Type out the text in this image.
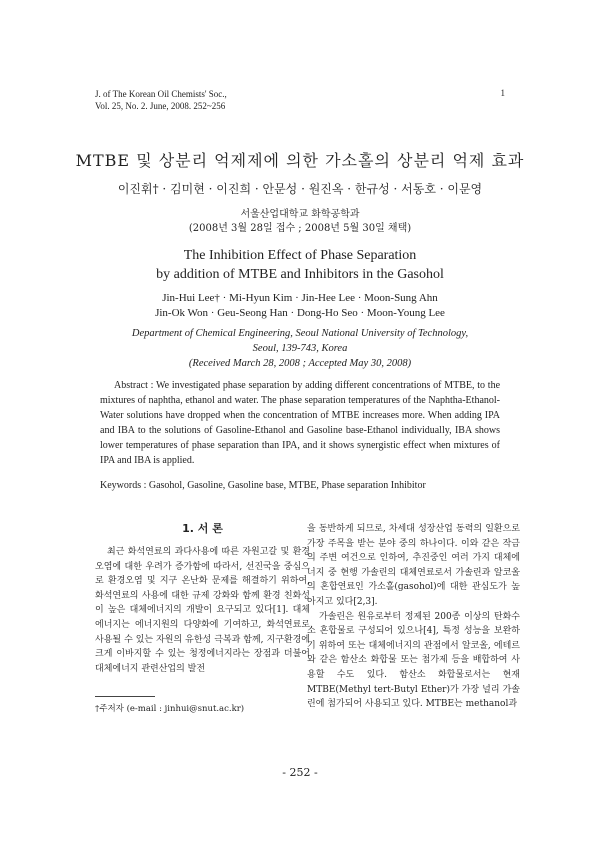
J. of The Korean Oil Chemists' Soc.,
Vol. 25, No. 2. June, 2008. 252~256
1
MTBE 및 상분리 억제제에 의한 가소홀의 상분리 억제 효과
이진휘† · 김미현 · 이진희 · 안문성 · 원진옥 · 한규성 · 서동호 · 이문영
서울산업대학교 화학공학과
(2008년 3월 28일 접수 ; 2008년 5월 30일 채택)
The Inhibition Effect of Phase Separation
by addition of MTBE and Inhibitors in the Gasohol
Jin-Hui Lee† · Mi-Hyun Kim · Jin-Hee Lee · Moon-Sung Ahn
Jin-Ok Won · Geu-Seong Han · Dong-Ho Seo · Moon-Young Lee
Department of Chemical Engineering, Seoul National University of Technology,
Seoul, 139-743, Korea
(Received March 28, 2008 ; Accepted May 30, 2008)
Abstract : We investigated phase separation by adding different concentrations of MTBE, to the mixtures of naphtha, ethanol and water. The phase separation temperatures of the Naphtha-Ethanol-Water solutions have dropped when the concentration of MTBE increases more. When adding IPA and IBA to the solutions of Gasoline-Ethanol and Gasoline base-Ethanol individually, IBA shows lower temperatures of phase separation than IPA, and it shows synergistic effect when mixtures of IPA and IBA is applied.
Keywords : Gasohol, Gasoline, Gasoline base, MTBE, Phase separation Inhibitor
1. 서 론

최근 화석연료의 과다사용에 따른 자원고갈 및 환경오염에 대한 우려가 증가함에 따라서, 선진국을 중심으로 환경오염 및 지구 온난화 문제를 해결하기 위하여, 화석연료의 사용에 대한 규제 강화와 함께 환경 친화성이 높은 대체에너지의 개발이 요구되고 있다[1]. 대체에너지는 에너지원의 다양화에 기여하고, 화석연료로 사용될 수 있는 자원의 유한성 극복과 함께, 지구환경에 크게 이바지할 수 있는 청정에너지라는 장점과 더불어 대체에너지 관련산업의 발전

을 동반하게 되므로, 차세대 성장산업 동력의 일환으로 가장 주목을 받는 분야 중의 하나이다. 이와 같은 작금의 주변 여건으로 인하여, 추진중인 여러 가지 대체에너지 중 현행 가솔린의 대체연료로서 가솔린과 알코올의 혼합연료인 가소홀(gasohol)에 대한 관심도가 높아지고 있다[2,3].

가솔린은 원유로부터 정제된 200종 이상의 탄화수소 혼합물로 구성되어 있으나[4], 특정 성능을 보완하기 위하여 또는 대체에너지의 관점에서 알코올, 에테르와 같은 함산소 화합물 또는 첨가제 등을 배합하여 사용할 수도 있다. 함산소 화합물로서는 현재 MTBE(Methyl tert-Butyl Ether)가 가장 널리 가솔린에 첨가되어 사용되고 있다. MTBE는 methanol과

†주저자 (e-mail : jinhui@snut.ac.kr)
- 252 -
